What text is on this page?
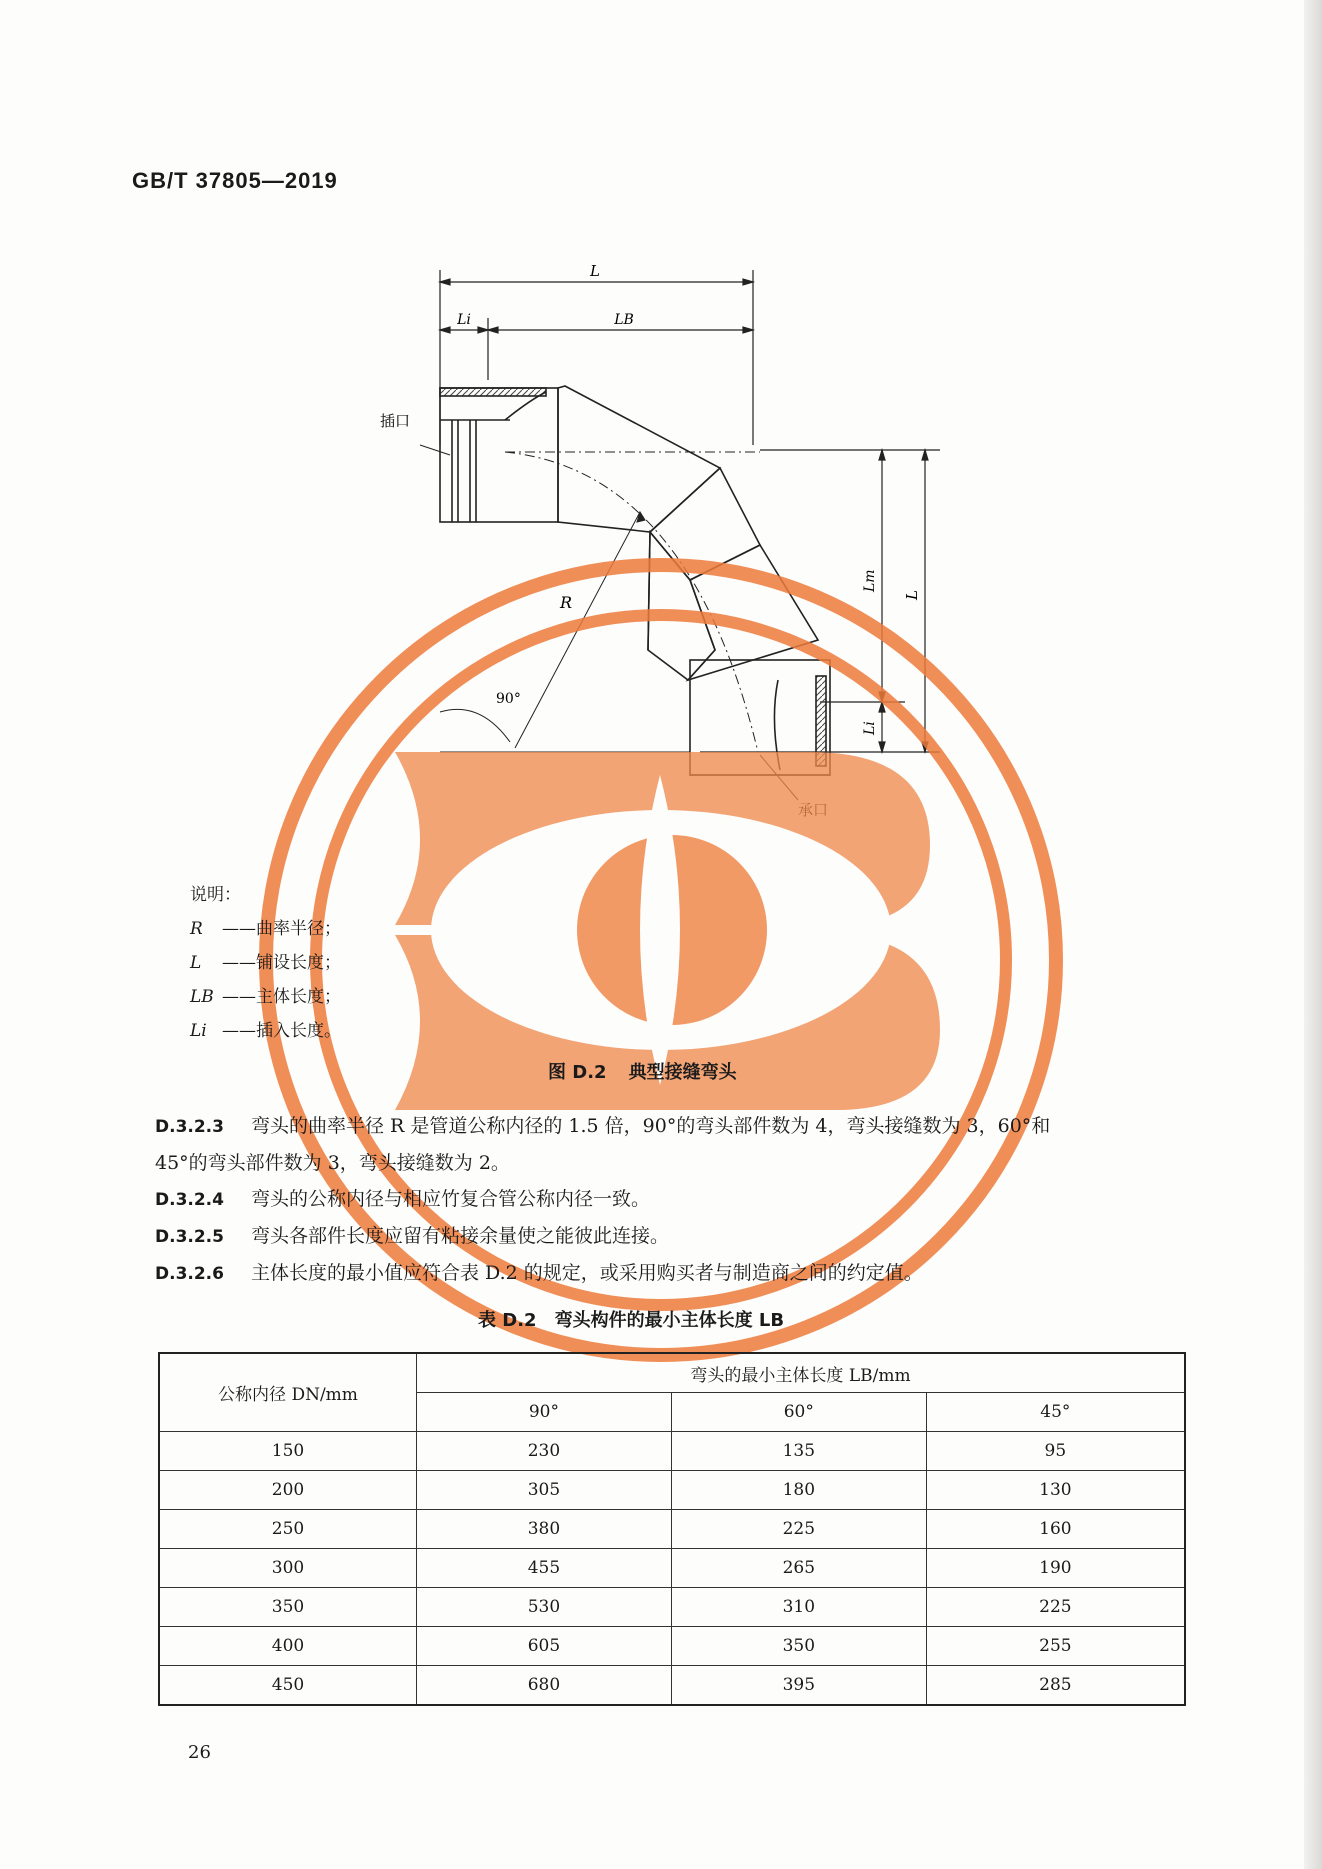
GB/T 37805—2019
L
Li	LB
Lm
L
Li
R
90°
插口
说明：
R ——曲率半径；
L ——铺设长度；
LB ——主体长度；
Li ——插入长度。
图 D.2 典型接缝弯头
D.3.2.3 弯头的曲率半径 R 是管道公称内径的 1.5 倍，90°的弯头部件数为 4，弯头接缝数为 3，60°和
45°的弯头部件数为 3，弯头接缝数为 2。
D.3.2.4 弯头的公称内径与相应竹复合管公称内径一致。
D.3.2.5 弯头各部件长度应留有粘接余量使之能彼此连接。
D.3.2.6 主体长度的最小值应符合表 D.2 的规定，或采用购买者与制造商之间的约定值。
表 D.2 弯头构件的最小主体长度 LB
公称内径 DN/mm	弯头的最小主体长度 LB/mm		
	90°	60°	45°
150	230	135	95
200	305	180	130
250	380	225	160
300	455	265	190
350	530	310	225
400	605	350	255
450	680	395	285
26
